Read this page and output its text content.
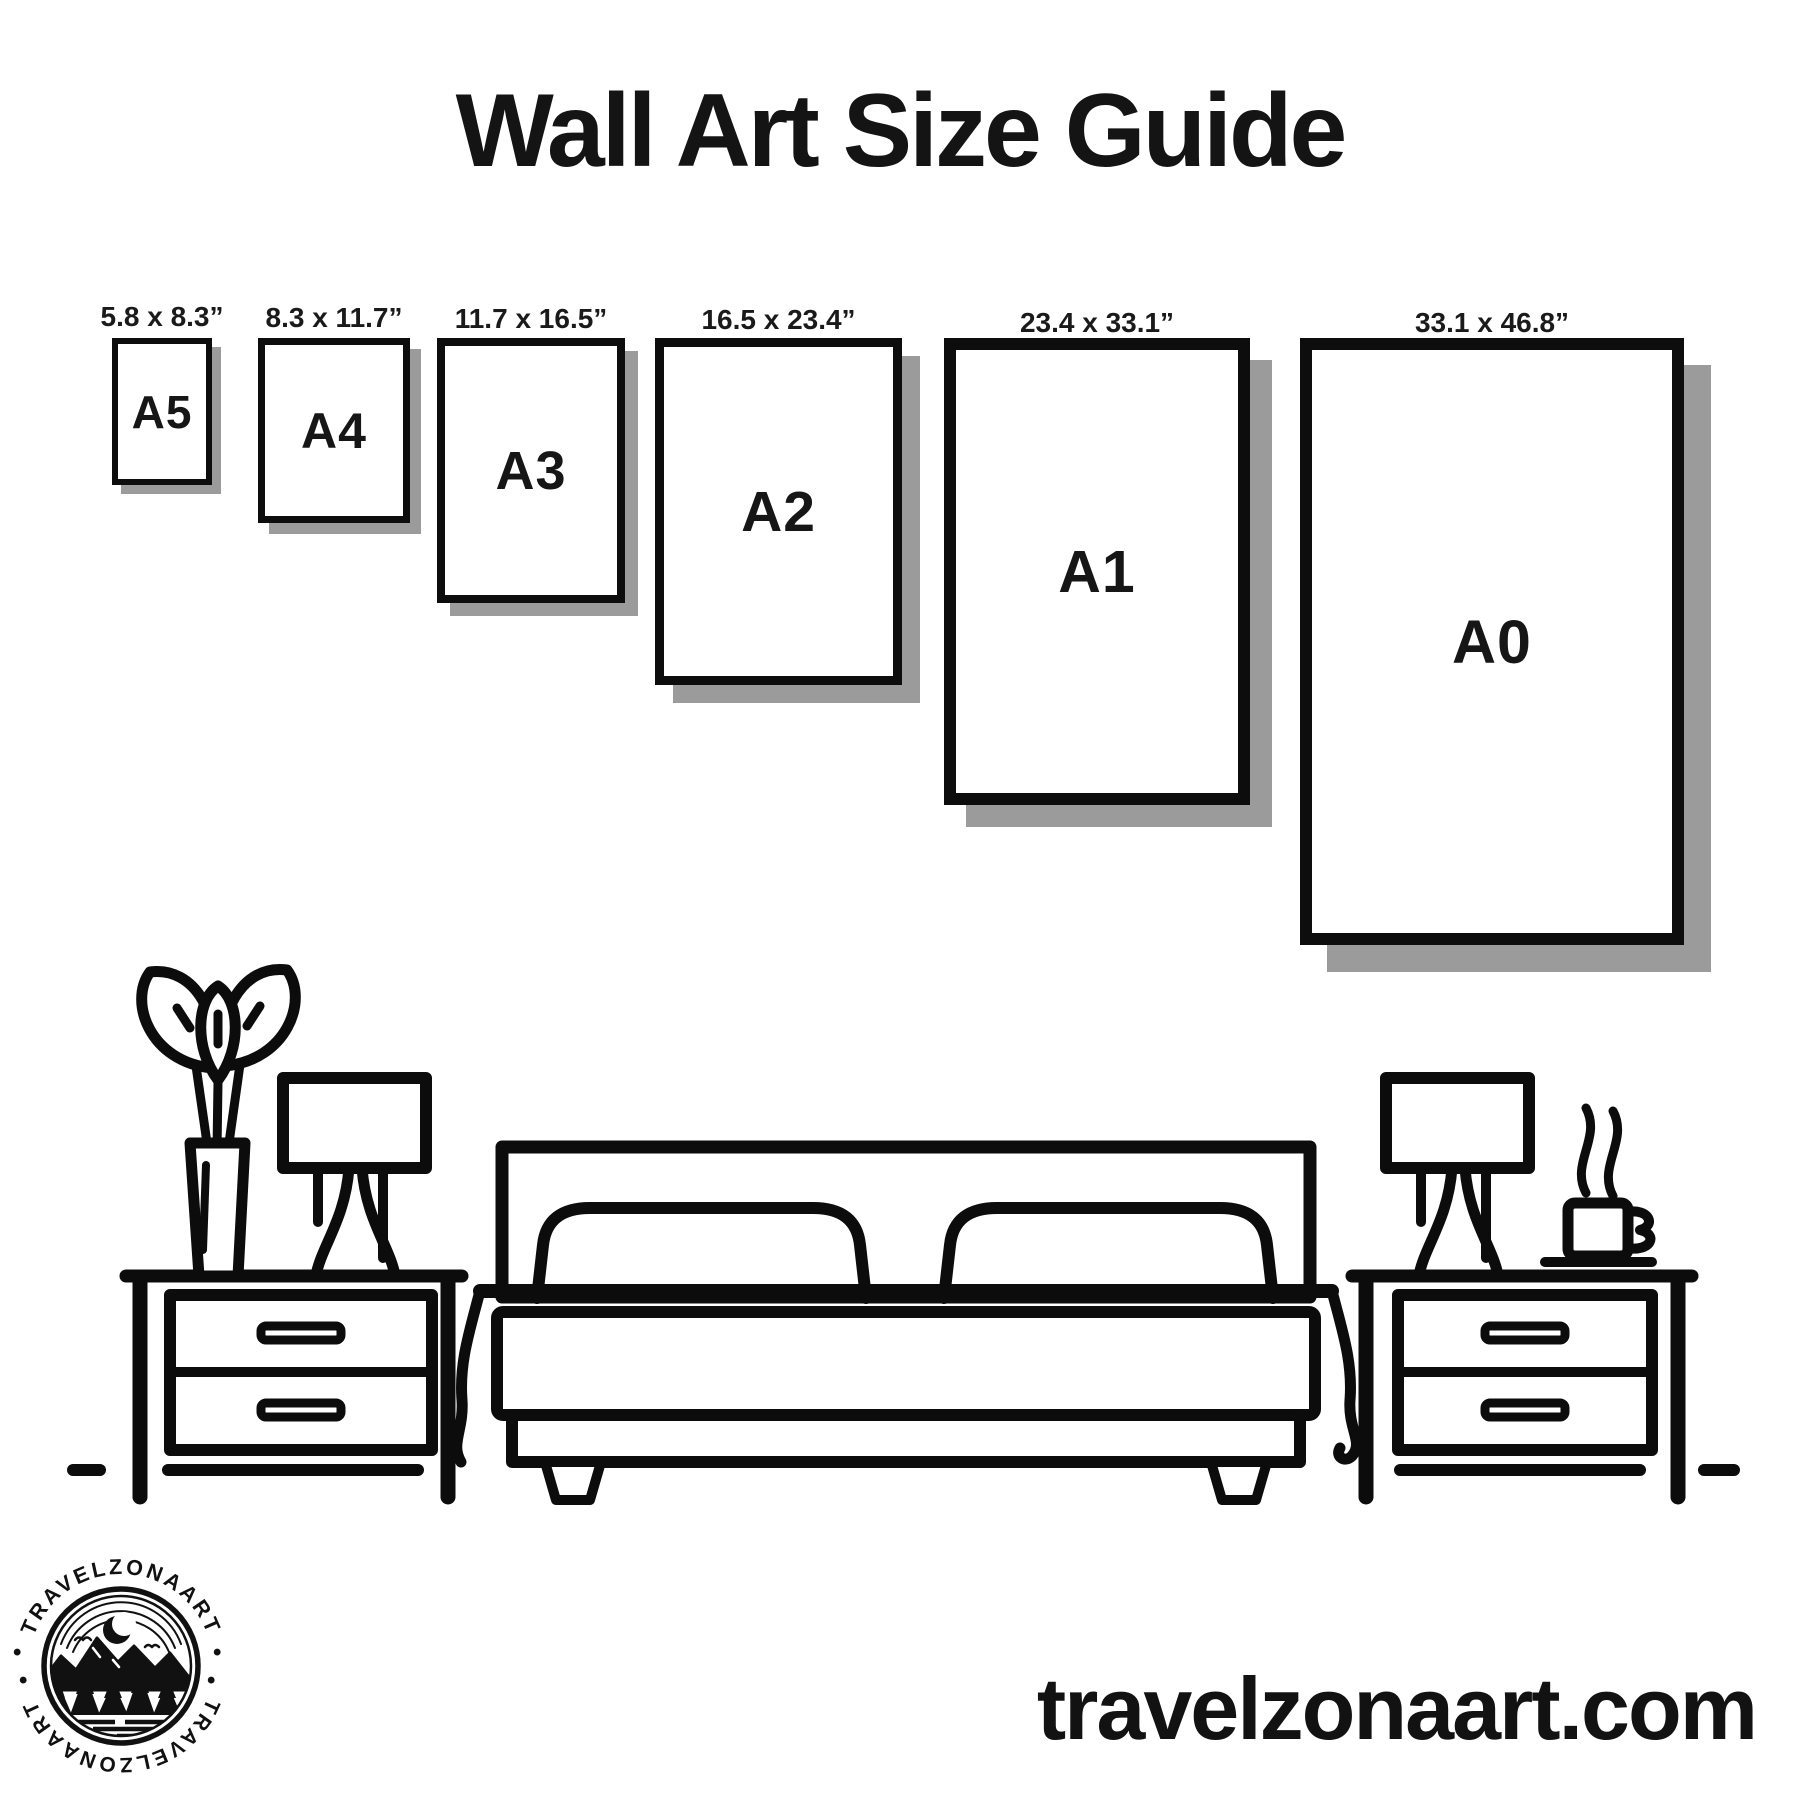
Wall Art Size Guide
5.8 x 8.3”
A5
8.3 x 11.7”
A4
11.7 x 16.5”
A3
16.5 x 23.4”
A2
23.4 x 33.1”
A1
33.1 x 46.8”
A0
TRAVELZONAART
TRAVELZONAART
•	•
•	•	travelzonaart.com
